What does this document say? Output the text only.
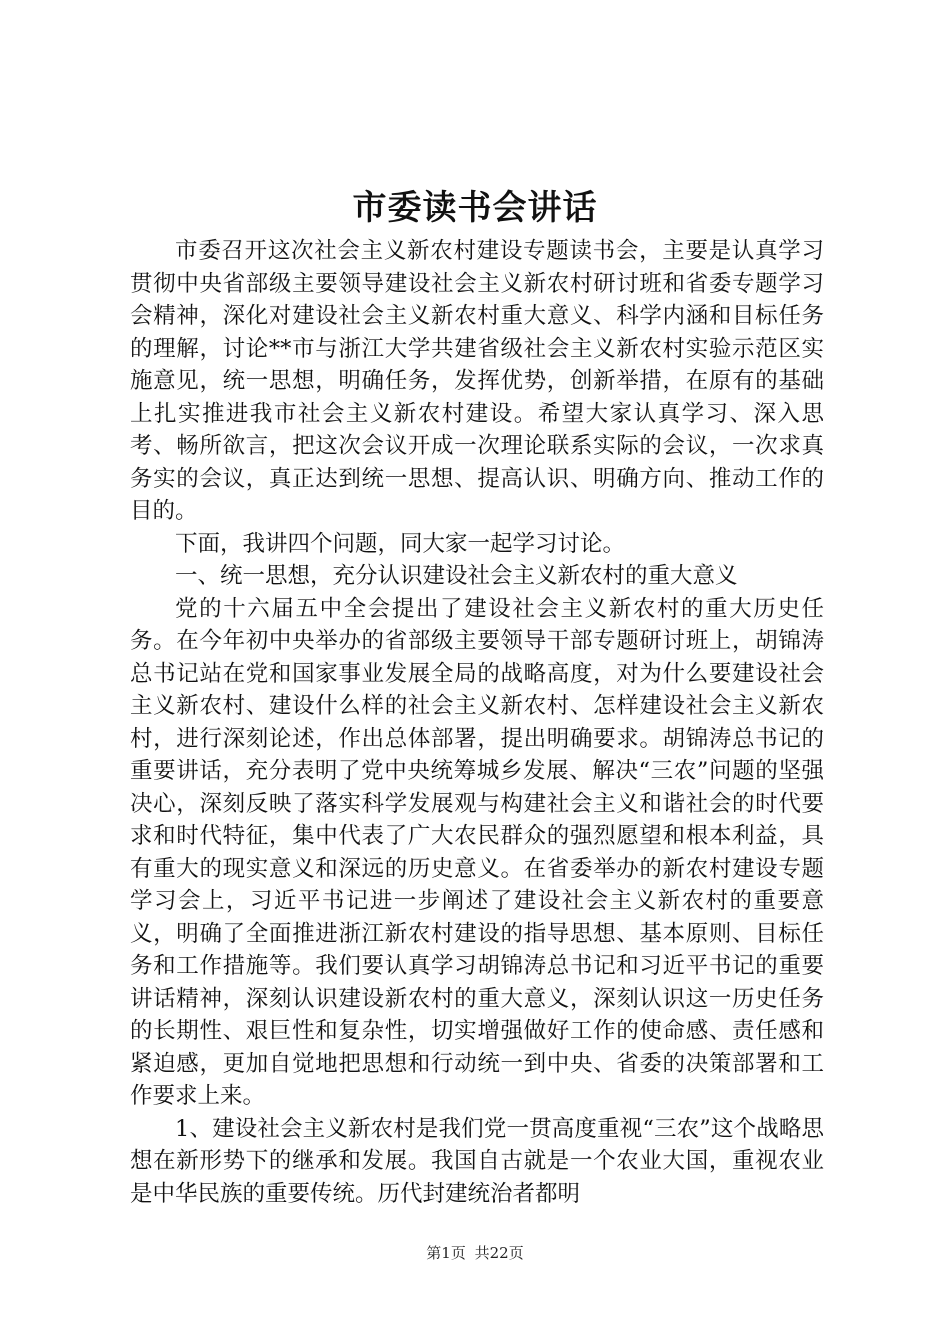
市委读书会讲话

市委召开这次社会主义新农村建设专题读书会，主要是认真学习贯彻中央省部级主要领导建设社会主义新农村研讨班和省委专题学习会精神，深化对建设社会主义新农村重大意义、科学内涵和目标任务的理解，讨论**市与浙江大学共建省级社会主义新农村实验示范区实施意见，统一思想，明确任务，发挥优势，创新举措，在原有的基础上扎实推进我市社会主义新农村建设。希望大家认真学习、深入思考、畅所欲言，把这次会议开成一次理论联系实际的会议，一次求真务实的会议，真正达到统一思想、提高认识、明确方向、推动工作的目的。

下面，我讲四个问题，同大家一起学习讨论。

一、统一思想，充分认识建设社会主义新农村的重大意义

党的十六届五中全会提出了建设社会主义新农村的重大历史任务。在今年初中央举办的省部级主要领导干部专题研讨班上，胡锦涛总书记站在党和国家事业发展全局的战略高度，对为什么要建设社会主义新农村、建设什么样的社会主义新农村、怎样建设社会主义新农村，进行深刻论述，作出总体部署，提出明确要求。胡锦涛总书记的重要讲话，充分表明了党中央统筹城乡发展、解决“三农”问题的坚强决心，深刻反映了落实科学发展观与构建社会主义和谐社会的时代要求和时代特征，集中代表了广大农民群众的强烈愿望和根本利益，具有重大的现实意义和深远的历史意义。在省委举办的新农村建设专题学习会上，习近平书记进一步阐述了建设社会主义新农村的重要意义，明确了全面推进浙江新农村建设的指导思想、基本原则、目标任务和工作措施等。我们要认真学习胡锦涛总书记和习近平书记的重要讲话精神，深刻认识建设新农村的重大意义，深刻认识这一历史任务的长期性、艰巨性和复杂性，切实增强做好工作的使命感、责任感和紧迫感，更加自觉地把思想和行动统一到中央、省委的决策部署和工作要求上来。

1、建设社会主义新农村是我们党一贯高度重视“三农”这个战略思想在新形势下的继承和发展。我国自古就是一个农业大国，重视农业是中华民族的重要传统。历代封建统治者都明

第1页 共22页
